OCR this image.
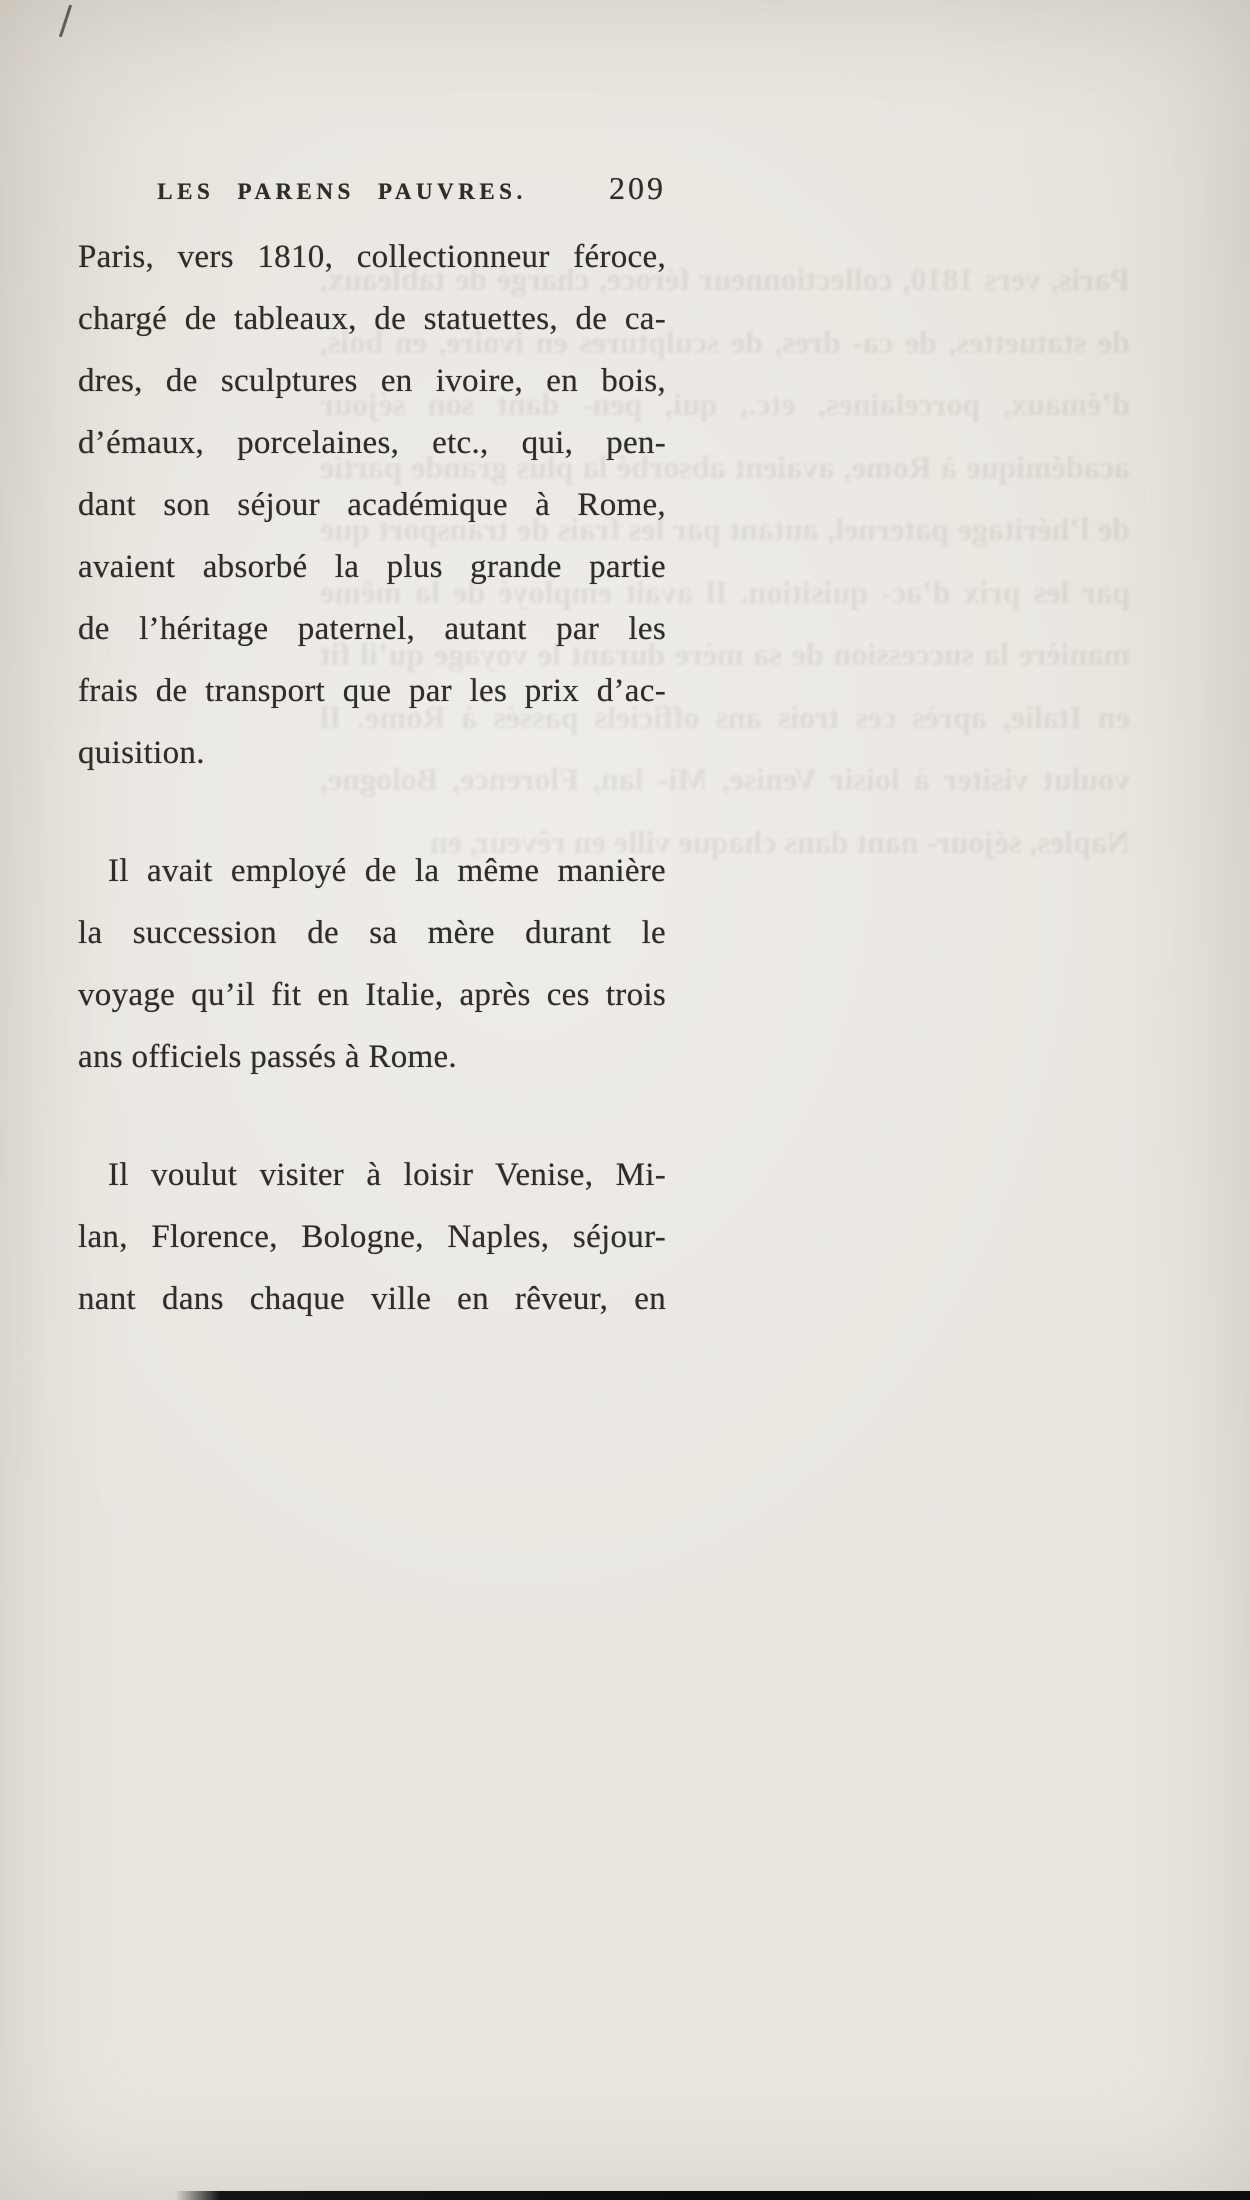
Paris, vers 1810, collectionneur féroce, chargé de tableaux, de statuettes, de ca- dres, de sculptures en ivoire, en bois, d’émaux, porcelaines, etc., qui, pen- dant son séjour académique à Rome, avaient absorbé la plus grande partie de l’héritage paternel, autant par les frais de transport que par les prix d’ac- quisition. Il avait employé de la même manière la succession de sa mère durant le voyage qu’il fit en Italie, après ces trois ans officiels passés à Rome. Il voulut visiter à loisir Venise, Mi- lan, Florence, Bologne, Naples, séjour- nant dans chaque ville en rêveur, en
LES PARENS PAUVRES.	209
Paris, vers 1810, collectionneur féroce,
chargé de tableaux, de statuettes, de ca-
dres, de sculptures en ivoire, en bois,
d’émaux, porcelaines, etc., qui, pen-
dant son séjour académique à Rome,
avaient absorbé la plus grande partie
de l’héritage paternel, autant par les
frais de transport que par les prix d’ac-
quisition.
Il avait employé de la même manière
la succession de sa mère durant le
voyage qu’il fit en Italie, après ces trois
ans officiels passés à Rome.
Il voulut visiter à loisir Venise, Mi-
lan, Florence, Bologne, Naples, séjour-
nant dans chaque ville en rêveur, en
